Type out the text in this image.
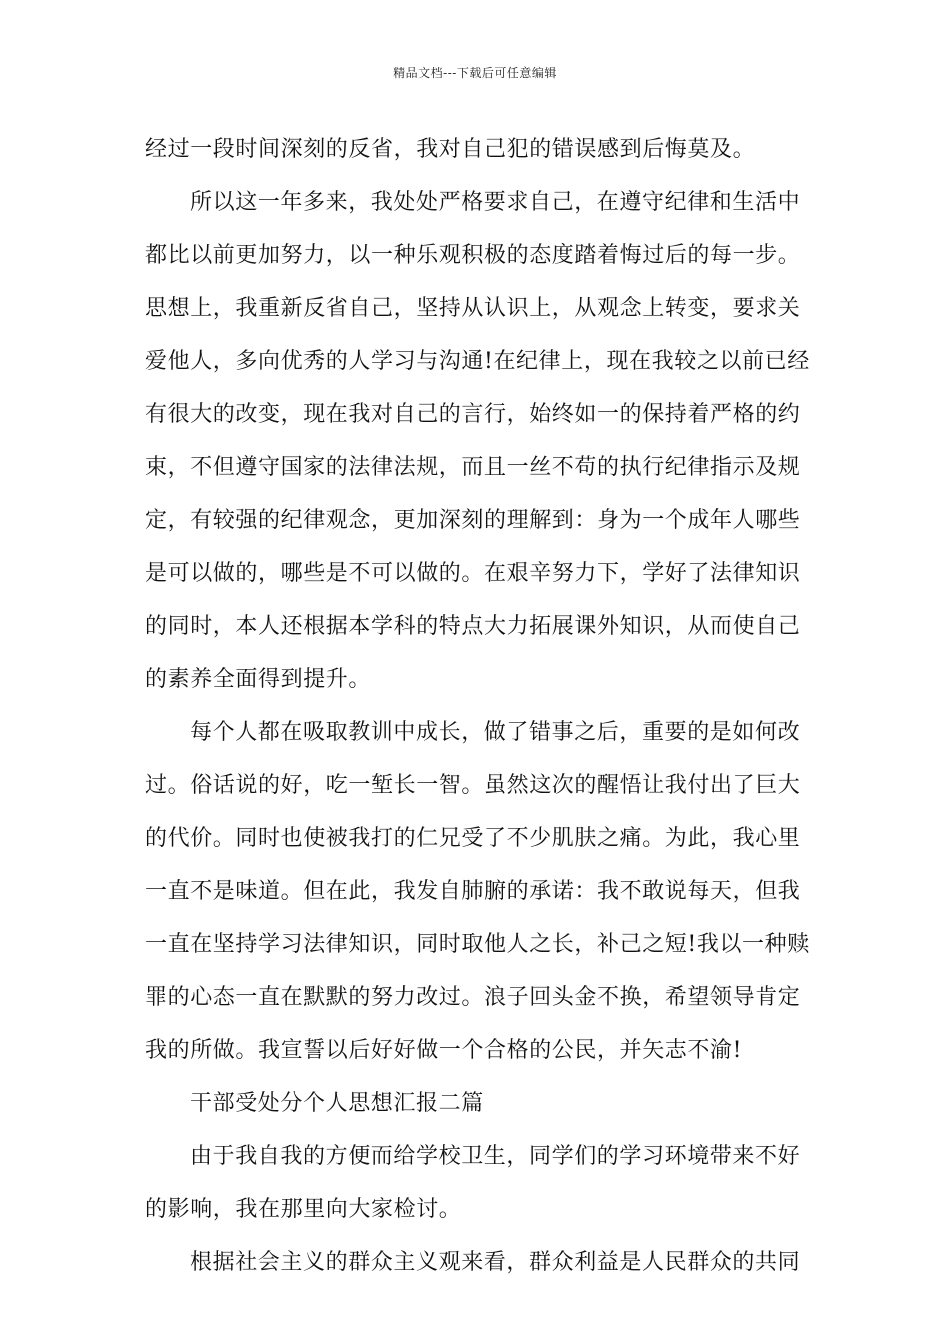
精品文档---下载后可任意编辑
经过一段时间深刻的反省，我对自己犯的错误感到后悔莫及。
所以这一年多来，我处处严格要求自己，在遵守纪律和生活中
都比以前更加努力，以一种乐观积极的态度踏着悔过后的每一步。
思想上，我重新反省自己，坚持从认识上，从观念上转变，要求关
爱他人，多向优秀的人学习与沟通!在纪律上，现在我较之以前已经
有很大的改变，现在我对自己的言行，始终如一的保持着严格的约
束，不但遵守国家的法律法规，而且一丝不苟的执行纪律指示及规
定，有较强的纪律观念，更加深刻的理解到：身为一个成年人哪些
是可以做的，哪些是不可以做的。在艰辛努力下，学好了法律知识
的同时，本人还根据本学科的特点大力拓展课外知识，从而使自己
的素养全面得到提升。
每个人都在吸取教训中成长，做了错事之后，重要的是如何改
过。俗话说的好，吃一堑长一智。虽然这次的醒悟让我付出了巨大
的代价。同时也使被我打的仁兄受了不少肌肤之痛。为此，我心里
一直不是味道。但在此，我发自肺腑的承诺：我不敢说每天，但我
一直在坚持学习法律知识，同时取他人之长，补己之短!我以一种赎
罪的心态一直在默默的努力改过。浪子回头金不换，希望领导肯定
我的所做。我宣誓以后好好做一个合格的公民，并矢志不渝!
干部受处分个人思想汇报二篇
由于我自我的方便而给学校卫生，同学们的学习环境带来不好
的影响，我在那里向大家检讨。
根据社会主义的群众主义观来看，群众利益是人民群众的共同
